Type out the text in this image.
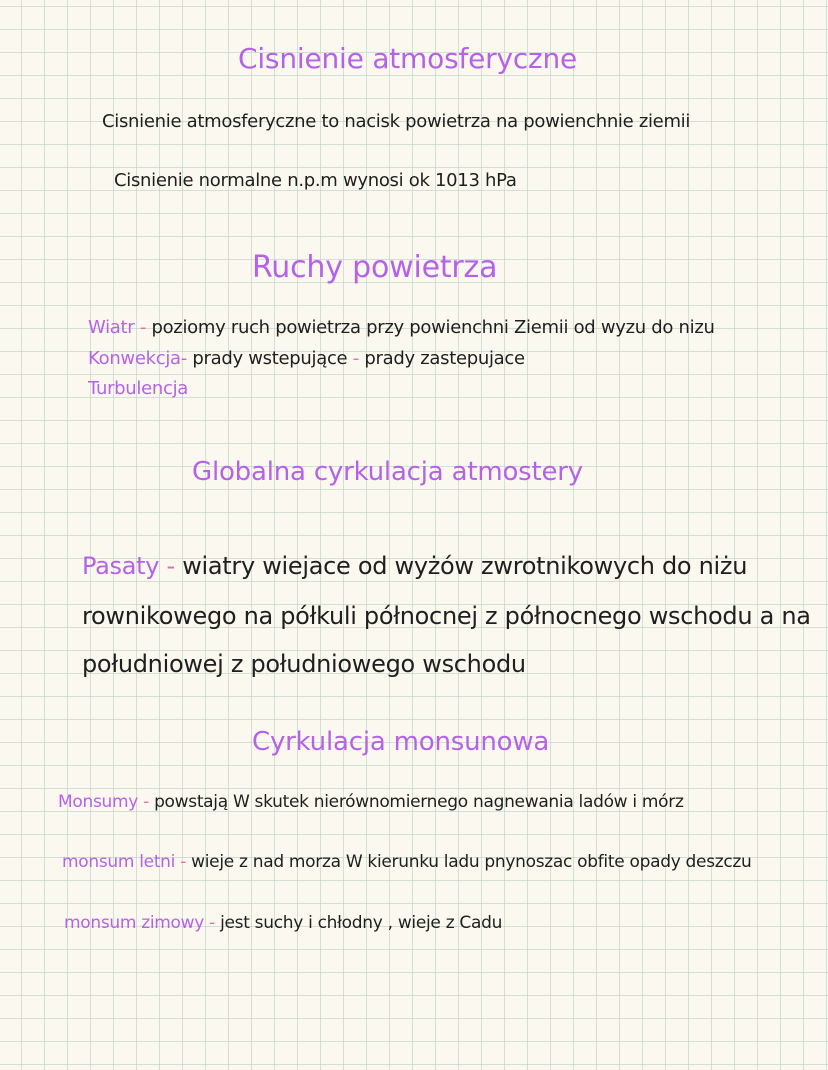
Cisnienie atmosferyczne
Cisnienie atmosferyczne to nacisk powietrza na powienchnie ziemii
Cisnienie normalne n.p.m wynosi ok 1013 hPa
Ruchy powietrza
Wiatr - poziomy ruch powietrza przy powienchni Ziemii od wyzu do nizu
Konwekcja- prady wstepujące - prady zastepujace
Turbulencja
Globalna cyrkulacja atmostery
Pasaty - wiatry wiejace od wyżów zwrotnikowych do niżu
rownikowego na półkuli północnej z północnego wschodu a na
południowej z południowego wschodu
Cyrkulacja monsunowa
Monsumy - powstają W skutek nierównomiernego nagnewania ladów i mórz
monsum letni - wieje z nad morza W kierunku ladu pnynoszac obfite opady deszczu
monsum zimowy - jest suchy i chłodny , wieje z Cadu
